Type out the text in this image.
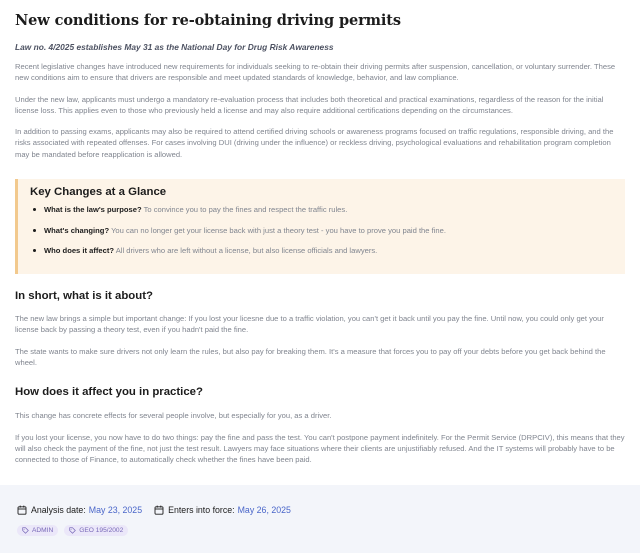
New conditions for re-obtaining driving permits

Law no. 4/2025 establishes May 31 as the National Day for Drug Risk Awareness

Recent legislative changes have introduced new requirements for individuals seeking to re-obtain their driving permits after suspension, cancellation, or voluntary surrender. These new conditions aim to ensure that drivers are responsible and meet updated standards of knowledge, behavior, and law compliance.

Under the new law, applicants must undergo a mandatory re-evaluation process that includes both theoretical and practical examinations, regardless of the reason for the initial license loss. This applies even to those who previously held a license and may also require additional certifications depending on the circumstances.

In addition to passing exams, applicants may also be required to attend certified driving schools or awareness programs focused on traffic regulations, responsible driving, and the risks associated with repeated offenses. For cases involving DUI (driving under the influence) or reckless driving, psychological evaluations and rehabilitation program completion may be mandated before reapplication is allowed.

Key Changes at a Glance
What is the law's purpose? To convince you to pay the fines and respect the traffic rules.
What's changing? You can no longer get your license back with just a theory test - you have to prove you paid the fine.
Who does it affect? All drivers who are left without a license, but also license officials and lawyers.
In short, what is it about?

The new law brings a simple but important change: If you lost your licesne due to a traffic violation, you can't get it back until you pay the fine. Until now, you could only get your license back by passing a theory test, even if you hadn't paid the fine.

The state wants to make sure drivers not only learn the rules, but also pay for breaking them. It's a measure that forces you to pay off your debts before you get back behind the wheel.

How does it affect you in practice?

This change has concrete effects for several people involve, but especially for you, as a driver.

If you lost your license, you now have to do two things: pay the fine and pass the test. You can't postpone payment indefinitely. For the Permit Service (DRPCIV), this means that they will also check the payment of the fine, not just the test result. Lawyers may face situations where their clients are unjustifiably refused. And the IT systems will probably have to be connected to those of Finance, to automatically check whether the fines have been paid.

Analysis date: May 23, 2025	Enters into force: May 26, 2025
ADMIN	GEO 195/2002
